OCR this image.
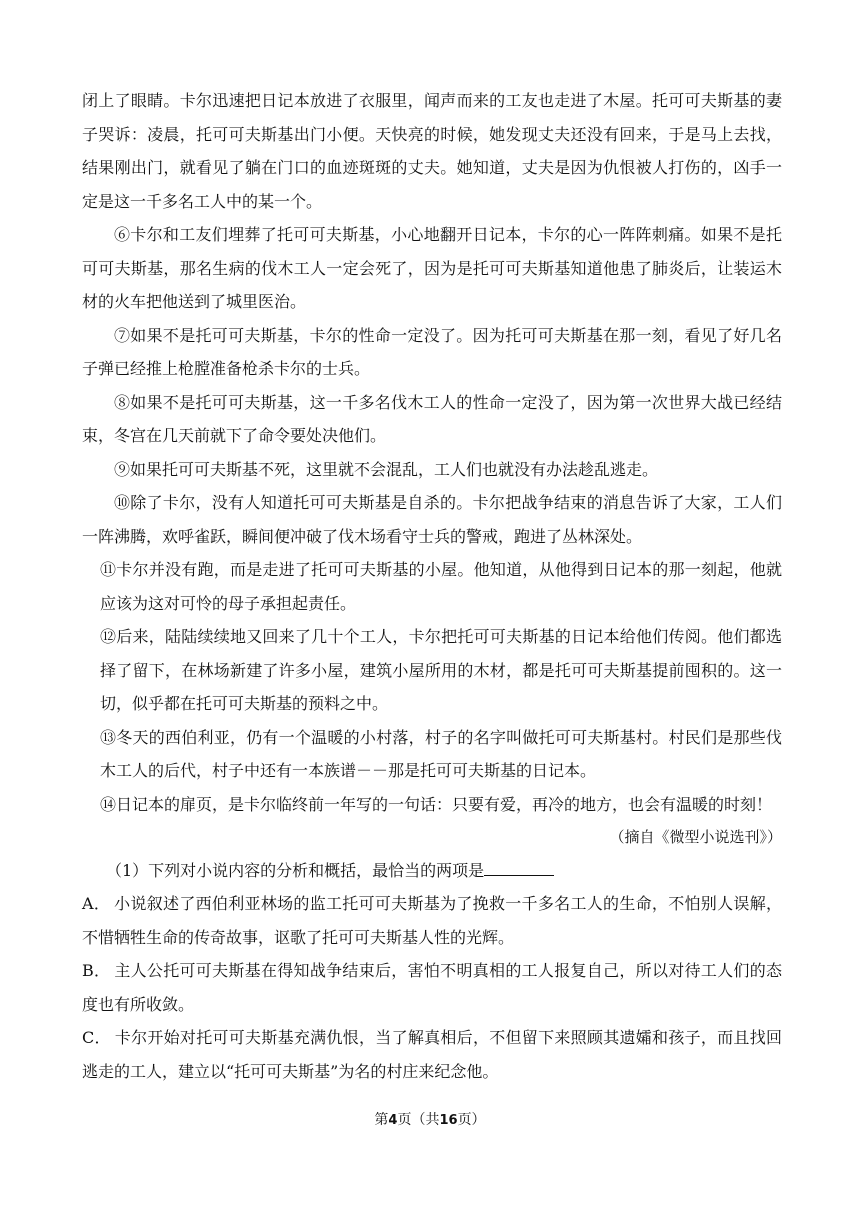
闭上了眼睛。卡尔迅速把日记本放进了衣服里，闻声而来的工友也走进了木屋。托可可夫斯基的妻子哭诉：凌晨，托可可夫斯基出门小便。天快亮的时候，她发现丈夫还没有回来，于是马上去找，结果刚出门，就看见了躺在门口的血迹斑斑的丈夫。她知道，丈夫是因为仇恨被人打伤的，凶手一定是这一千多名工人中的某一个。

⑥卡尔和工友们埋葬了托可可夫斯基，小心地翻开日记本，卡尔的心一阵阵刺痛。如果不是托可可夫斯基，那名生病的伐木工人一定会死了，因为是托可可夫斯基知道他患了肺炎后，让装运木材的火车把他送到了城里医治。

⑦如果不是托可可夫斯基，卡尔的性命一定没了。因为托可可夫斯基在那一刻，看见了好几名子弹已经推上枪膛准备枪杀卡尔的士兵。

⑧如果不是托可可夫斯基，这一千多名伐木工人的性命一定没了，因为第一次世界大战已经结束，冬宫在几天前就下了命令要处决他们。

⑨如果托可可夫斯基不死，这里就不会混乱，工人们也就没有办法趁乱逃走。

⑩除了卡尔，没有人知道托可可夫斯基是自杀的。卡尔把战争结束的消息告诉了大家，工人们一阵沸腾，欢呼雀跃，瞬间便冲破了伐木场看守士兵的警戒，跑进了丛林深处。

⑪卡尔并没有跑，而是走进了托可可夫斯基的小屋。他知道，从他得到日记本的那一刻起，他就应该为这对可怜的母子承担起责任。

⑫后来，陆陆续续地又回来了几十个工人，卡尔把托可可夫斯基的日记本给他们传阅。他们都选择了留下，在林场新建了许多小屋，建筑小屋所用的木材，都是托可可夫斯基提前囤积的。这一切，似乎都在托可可夫斯基的预料之中。

⑬冬天的西伯利亚，仍有一个温暖的小村落，村子的名字叫做托可可夫斯基村。村民们是那些伐木工人的后代，村子中还有一本族谱－－那是托可可夫斯基的日记本。

⑭日记本的扉页，是卡尔临终前一年写的一句话：只要有爱，再冷的地方，也会有温暖的时刻！

（摘自《微型小说选刊》）

（1）下列对小说内容的分析和概括，最恰当的两项是

A． 小说叙述了西伯利亚林场的监工托可可夫斯基为了挽救一千多名工人的生命，不怕别人误解，不惜牺牲生命的传奇故事，讴歌了托可可夫斯基人性的光辉。

B． 主人公托可可夫斯基在得知战争结束后，害怕不明真相的工人报复自己，所以对待工人们的态度也有所收敛。

C． 卡尔开始对托可可夫斯基充满仇恨，当了解真相后，不但留下来照顾其遗孀和孩子，而且找回逃走的工人，建立以“托可可夫斯基”为名的村庄来纪念他。

第4页（共16页）
